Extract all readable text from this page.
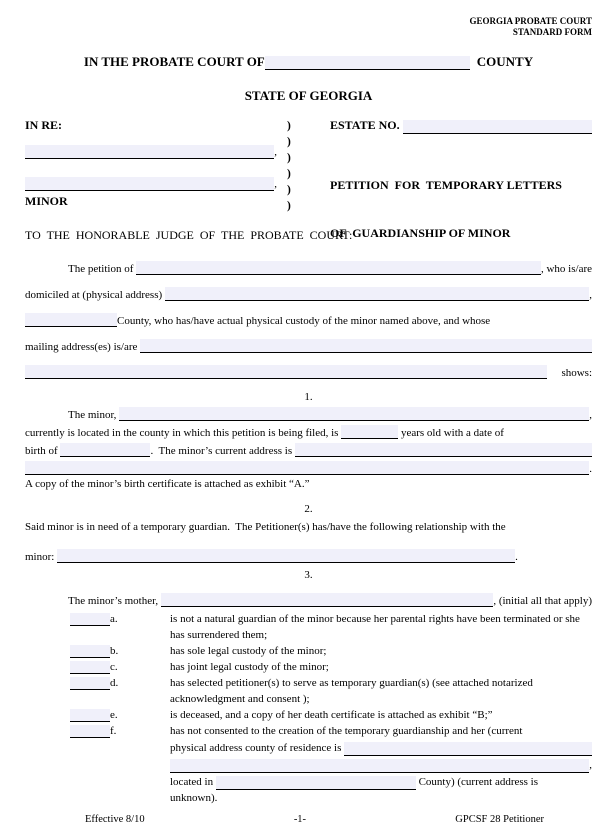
GEORGIA PROBATE COURT
STANDARD FORM
IN THE PROBATE COURT OF	COUNTY
STATE OF GEORGIA
IN RE:
,
,
MINOR
)
)
)
)
)
)
ESTATE NO.

PETITION  FOR  TEMPORARY LETTERS

OF  GUARDIANSHIP OF MINOR

TO  THE  HONORABLE  JUDGE  OF  THE  PROBATE  COURT:
The petition of	, who is/are
domiciled at (physical address)	,
County, who has/have actual physical custody of the minor named above, and whose
mailing address(es) is/are
shows:
1.
The minor,	,
currently is located in the county in which this petition is being filed, is	years old with a date of
birth of	.  The minor’s current address is
.
A copy of the minor’s birth certificate is attached as exhibit “A.”
2.
Said minor is in need of a temporary guardian.  The Petitioner(s) has/have the following relationship with the
minor:	.
3.
The minor’s mother,	, (initial all that apply)
a.	is not a natural guardian of the minor because her parental rights have been terminated or she has surrendered them;
b.	has sole legal custody of the minor;
c.	has joint legal custody of the minor;
d.	has selected petitioner(s) to serve as temporary guardian(s) (see attached notarized acknowledgment and consent );
e.	is deceased, and a copy of her death certificate is attached as exhibit “B;”
f.	has not consented to the creation of the temporary guardianship and her (current
physical address county of residence is
,
located in	County) (current address is
unknown).
Effective 8/10	-1-	GPCSF 28 Petitioner
